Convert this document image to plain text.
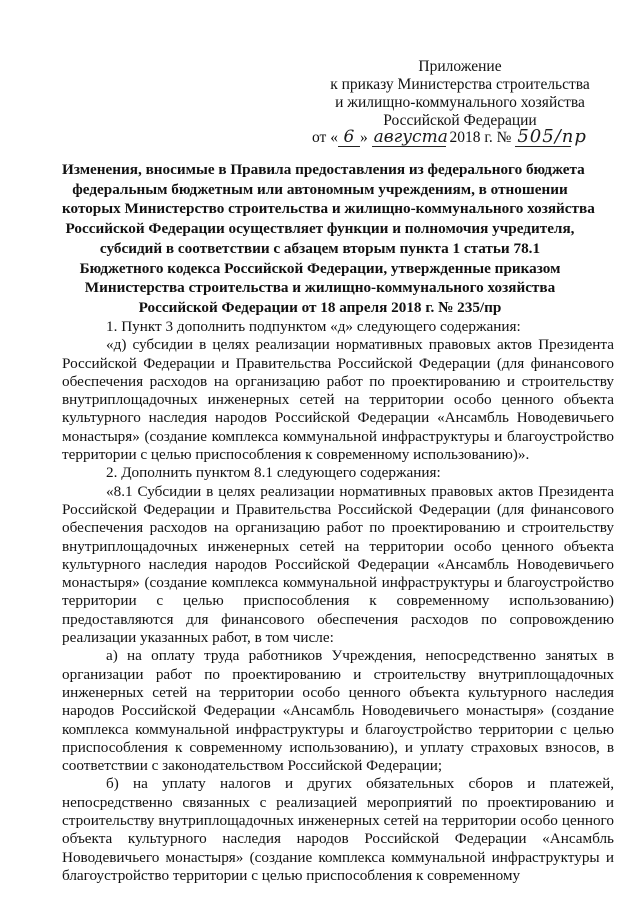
Приложение
к приказу Министерства строительства
и жилищно-коммунального хозяйства
Российской Федерации
от « 6 » августа 2018 г. № 505/пр
Изменения, вносимые в Правила предоставления из федерального бюджета
федеральным бюджетным или автономным учреждениям, в отношении
которых Министерство строительства и жилищно-коммунального хозяйства
Российской Федерации осуществляет функции и полномочия учредителя,
субсидий в соответствии с абзацем вторым пункта 1 статьи 78.1
Бюджетного кодекса Российской Федерации, утвержденные приказом
Министерства строительства и жилищно-коммунального хозяйства
Российской Федерации от 18 апреля 2018 г. № 235/пр

1. Пункт 3 дополнить подпунктом «д» следующего содержания:

«д) субсидии в целях реализации нормативных правовых актов Президента Российской Федерации и Правительства Российской Федерации (для финансового обеспечения расходов на организацию работ по проектированию и строительству внутриплощадочных инженерных сетей на территории особо ценного объекта культурного наследия народов Российской Федерации «Ансамбль Новодевичьего монастыря» (создание комплекса коммунальной инфраструктуры и благоустройство территории с целью приспособления к современному использованию)».

2. Дополнить пунктом 8.1 следующего содержания:

«8.1 Субсидии в целях реализации нормативных правовых актов Президента Российской Федерации и Правительства Российской Федерации (для финансового обеспечения расходов на организацию работ по проектированию и строительству внутриплощадочных инженерных сетей на территории особо ценного объекта культурного наследия народов Российской Федерации «Ансамбль Новодевичьего монастыря» (создание комплекса коммунальной инфраструктуры и благоустройство территории с целью приспособления к современному использованию) предоставляются для финансового обеспечения расходов по сопровождению реализации указанных работ, в том числе:

а) на оплату труда работников Учреждения, непосредственно занятых в организации работ по проектированию и строительству внутриплощадочных инженерных сетей на территории особо ценного объекта культурного наследия народов Российской Федерации «Ансамбль Новодевичьего монастыря» (создание комплекса коммунальной инфраструктуры и благоустройство территории с целью приспособления к современному использованию), и уплату страховых взносов, в соответствии с законодательством Российской Федерации;

б) на уплату налогов и других обязательных сборов и платежей, непосредственно связанных с реализацией мероприятий по проектированию и строительству внутриплощадочных инженерных сетей на территории особо ценного объекта культурного наследия народов Российской Федерации «Ансамбль Новодевичьего монастыря» (создание комплекса коммунальной инфраструктуры и благоустройство территории с целью приспособления к современному
